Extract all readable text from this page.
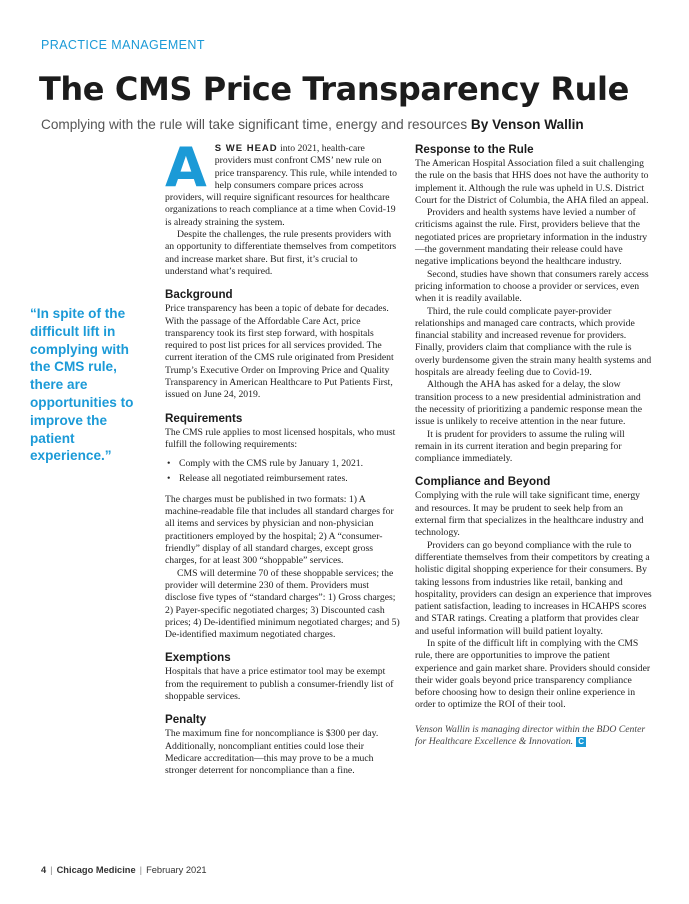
PRACTICE MANAGEMENT
The CMS Price Transparency Rule
Complying with the rule will take significant time, energy and resources By Venson Wallin
“In spite of the difficult lift in complying with the CMS rule, there are opportunities to improve the patient experience.”

A S WE HEAD into 2021, health-care providers must confront CMS’ new rule on price transparency. This rule, while intended to help consumers compare prices across providers, will require significant resources for healthcare organizations to reach compliance at a time when Covid-19 is already straining the system.

Despite the challenges, the rule presents providers with an opportunity to differentiate themselves from competitors and increase market share. But first, it’s crucial to understand what’s required.

Background

Price transparency has been a topic of debate for decades. With the passage of the Affordable Care Act, price transparency took its first step forward, with hospitals required to post list prices for all services provided. The current iteration of the CMS rule originated from President Trump’s Executive Order on Improving Price and Quality Transparency in American Healthcare to Put Patients First, issued on June 24, 2019.

Requirements

The CMS rule applies to most licensed hospitals, who must fulfill the following requirements:

• Comply with the CMS rule by January 1, 2021.
• Release all negotiated reimbursement rates.

The charges must be published in two formats: 1) A machine-readable file that includes all standard charges for all items and services by physician and non-physician practitioners employed by the hospital; 2) A “consumer-friendly” display of all standard charges, except gross charges, for at least 300 “shoppable” services.

CMS will determine 70 of these shoppable services; the provider will determine 230 of them. Providers must disclose five types of “standard charges”: 1) Gross charges; 2) Payer-specific negotiated charges; 3) Discounted cash prices; 4) De-identified minimum negotiated charges; and 5) De-identified maximum negotiated charges.

Exemptions

Hospitals that have a price estimator tool may be exempt from the requirement to publish a consumer-friendly list of shoppable services.

Penalty

The maximum fine for noncompliance is $300 per day. Additionally, noncompliant entities could lose their Medicare accreditation—this may prove to be a much stronger deterrent for noncompliance than a fine.

Response to the Rule

The American Hospital Association filed a suit challenging the rule on the basis that HHS does not have the authority to implement it. Although the rule was upheld in U.S. District Court for the District of Columbia, the AHA filed an appeal.

Providers and health systems have levied a number of criticisms against the rule. First, providers believe that the negotiated prices are proprietary information in the industry—the government mandating their release could have negative implications beyond the healthcare industry.

Second, studies have shown that consumers rarely access pricing information to choose a provider or services, even when it is readily available.

Third, the rule could complicate payer-provider relationships and managed care contracts, which provide financial stability and increased revenue for providers. Finally, providers claim that compliance with the rule is overly burdensome given the strain many health systems and hospitals are already feeling due to Covid-19.

Although the AHA has asked for a delay, the slow transition process to a new presidential administration and the necessity of prioritizing a pandemic response mean the issue is unlikely to receive attention in the near future.

It is prudent for providers to assume the ruling will remain in its current iteration and begin preparing for compliance immediately.

Compliance and Beyond

Complying with the rule will take significant time, energy and resources. It may be prudent to seek help from an external firm that specializes in the healthcare industry and technology.

Providers can go beyond compliance with the rule to differentiate themselves from their competitors by creating a holistic digital shopping experience for their consumers. By taking lessons from industries like retail, banking and hospitality, providers can design an experience that improves patient satisfaction, leading to increases in HCAHPS scores and STAR ratings. Creating a platform that provides clear and useful information will build patient loyalty.

In spite of the difficult lift in complying with the CMS rule, there are opportunities to improve the patient experience and gain market share. Providers should consider their wider goals beyond price transparency compliance before choosing how to design their online experience in order to optimize the ROI of their tool.

Venson Wallin is managing director within the BDO Center for Healthcare Excellence & Innovation. C

4 | Chicago Medicine | February 2021
